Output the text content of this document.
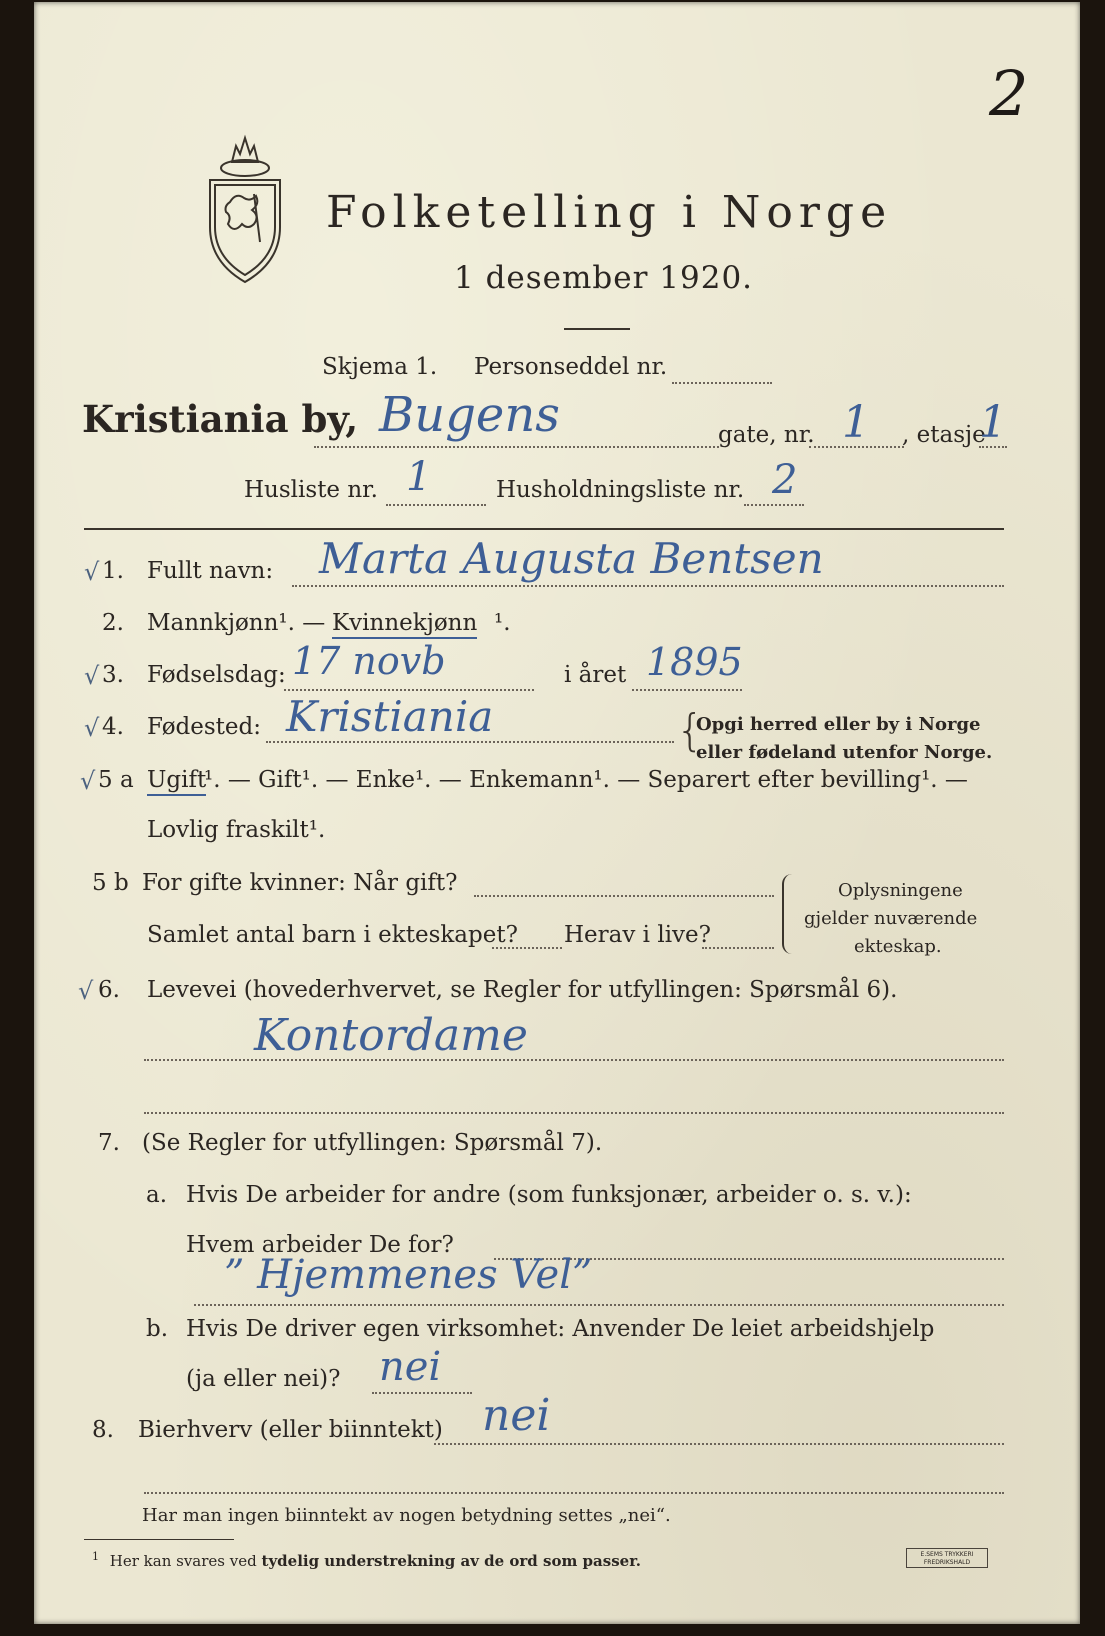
2
Folketelling i Norge
1 desember 1920.
Skjema 1. Personseddel nr.
Kristiania by, Bugens	gate, nr. 1 , etasje
1
Husliste nr. 1	Husholdningsliste nr. 2
√ 1. Fullt navn: Marta Augusta Bentsen
2. Mannkjønn¹. — Kvinnekjønn ¹.
√ 3. Fødselsdag: 17 novb	i året 1895
√ 4. Fødested: Kristiania	{
Opgi herred eller by i Norge
eller fødeland utenfor Norge.
√ 5 a Ugift
¹. — Gift¹. — Enke¹. — Enkemann¹. — Separert efter bevilling¹. —
Lovlig fraskilt¹.
5 b For gifte kvinner: Når gift?
Samlet antal barn i ekteskapet? Herav i live?
Oplysningene
gjelder nuværende
ekteskap.
√ 6. Levevei (hovederhvervet, se Regler for utfyllingen: Spørsmål 6).
Kontordame
7. (Se Regler for utfyllingen: Spørsmål 7).
a. Hvis De arbeider for andre (som funksjonær, arbeider o. s. v.):
Hvem arbeider De for?
” Hjemmenes Vel”
b. Hvis De driver egen virksomhet: Anvender De leiet arbeidshjelp
(ja eller nei)? nei
8. Bierhverv (eller biinntekt) nei
Har man ingen biinntekt av nogen betydning settes „nei“.
$^1$ Her kan svares ved tydelig understrekning av de ord som passer.	E.SEMS TRYKKERI
FREDRIKSHALD
